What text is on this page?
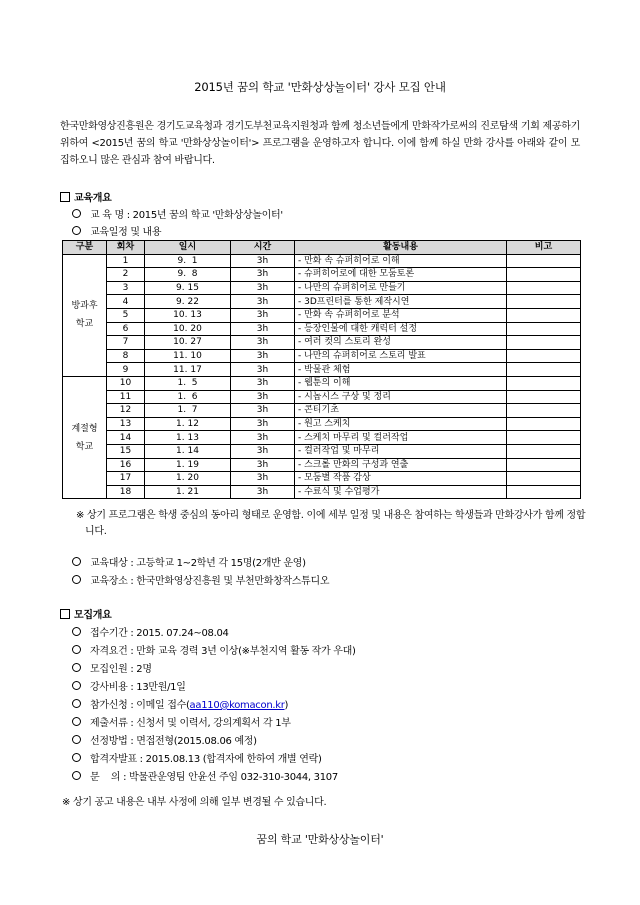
2015년 꿈의 학교 '만화상상놀이터' 강사 모집 안내
한국만화영상진흥원은 경기도교육청과 경기도부천교육지원청과 함께 청소년들에게 만화작가로써의 진로탐색 기회 제공하기 위하여 <2015년 꿈의 학교 '만화상상놀이터'> 프로그램을 운영하고자 합니다. 이에 함께 하실 만화 강사를 아래와 같이 모집하오니 많은 관심과 참여 바랍니다.
교육개요
교 육 명 : 2015년 꿈의 학교 '만화상상놀이터'
교육일정 및 내용
구분	회차	일시	시간	활동내용	비고
방과후 학교	1	9.  1	3h	- 만화 속 슈퍼히어로 이해	
	2	9.  8	3h	- 슈퍼히어로에 대한 모둠토론	
	3	9. 15	3h	- 나만의 슈퍼히어로 만들기	
	4	9. 22	3h	- 3D프린터를 통한 제작시연	
	5	10. 13	3h	- 만화 속 슈퍼히어로 분석	
	6	10. 20	3h	- 등장인물에 대한 캐릭터 설정	
	7	10. 27	3h	- 여러 컷의 스토리 완성	
	8	11. 10	3h	- 나만의 슈퍼히어로 스토리 발표	
	9	11. 17	3h	- 박물관 체험	
계절형 학교	10	1.  5	3h	- 웹툰의 이해	
	11	1.  6	3h	- 시놉시스 구상 및 정리	
	12	1.  7	3h	- 콘티기초	
	13	1. 12	3h	- 원고 스케치	
	14	1. 13	3h	- 스케치 마무리 및 컬러작업	
	15	1. 14	3h	- 컬러작업 및 마무리	
	16	1. 19	3h	- 스크롤 만화의 구성과 연출	
	17	1. 20	3h	- 모둠별 작품 감상	
	18	1. 21	3h	- 수료식 및 수업평가	
※ 상기 프로그램은 학생 중심의 동아리 형태로 운영함. 이에 세부 일정 및 내용은 참여하는 학생들과 만화강사가 함께 정합니다.
교육대상 : 고등학교 1~2학년 각 15명(2개반 운영)
교육장소 : 한국만화영상진흥원 및 부천만화창작스튜디오
모집개요
접수기간 : 2015. 07.24~08.04
자격요건 : 만화 교육 경력 3년 이상(※부천지역 활동 작가 우대)
모집인원 : 2명
강사비용 : 13만원/1일
참가신청 : 이메일 접수(aa110@komacon.kr)
제출서류 : 신청서 및 이력서, 강의계획서 각 1부
선정방법 : 면접전형(2015.08.06 예정)
합격자발표 : 2015.08.13 (합격자에 한하여 개별 연락)
문    의 : 박물관운영팀 안윤선 주임 032-310-3044, 3107
※ 상기 공고 내용은 내부 사정에 의해 일부 변경될 수 있습니다.
꿈의 학교 '만화상상놀이터'
